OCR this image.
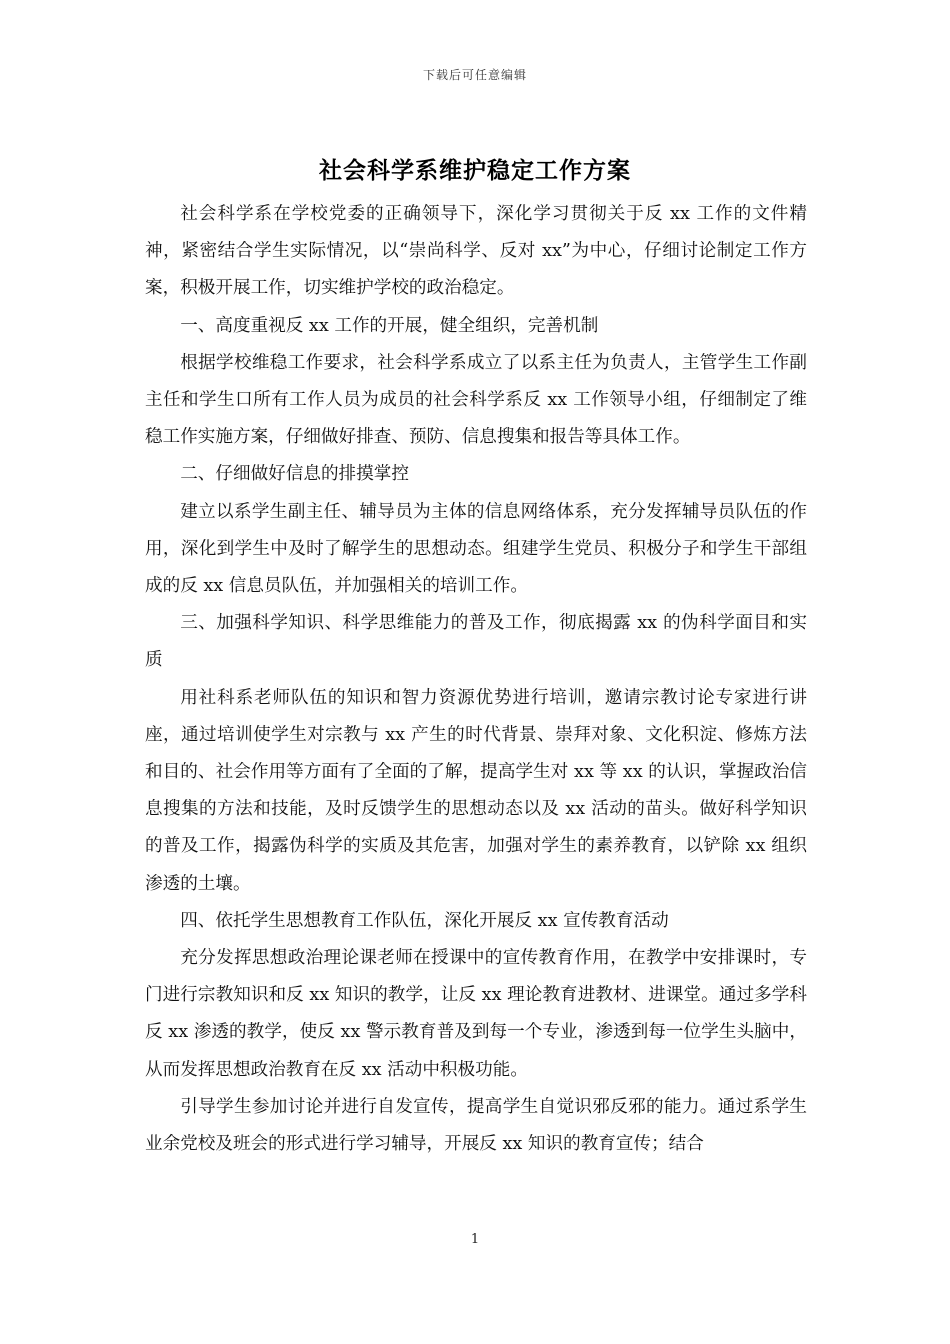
下载后可任意编辑
社会科学系维护稳定工作方案

社会科学系在学校党委的正确领导下，深化学习贯彻关于反 xx 工作的文件精神，紧密结合学生实际情况，以“崇尚科学、反对 xx”为中心，仔细讨论制定工作方案，积极开展工作，切实维护学校的政治稳定。

一、高度重视反 xx 工作的开展，健全组织，完善机制

根据学校维稳工作要求，社会科学系成立了以系主任为负责人，主管学生工作副主任和学生口所有工作人员为成员的社会科学系反 xx 工作领导小组，仔细制定了维稳工作实施方案，仔细做好排查、预防、信息搜集和报告等具体工作。

二、仔细做好信息的排摸掌控

建立以系学生副主任、辅导员为主体的信息网络体系，充分发挥辅导员队伍的作用，深化到学生中及时了解学生的思想动态。组建学生党员、积极分子和学生干部组成的反 xx 信息员队伍，并加强相关的培训工作。

三、加强科学知识、科学思维能力的普及工作，彻底揭露 xx 的伪科学面目和实质

用社科系老师队伍的知识和智力资源优势进行培训，邀请宗教讨论专家进行讲座，通过培训使学生对宗教与 xx 产生的时代背景、崇拜对象、文化积淀、修炼方法和目的、社会作用等方面有了全面的了解，提高学生对 xx 等 xx 的认识，掌握政治信息搜集的方法和技能，及时反馈学生的思想动态以及 xx 活动的苗头。做好科学知识的普及工作，揭露伪科学的实质及其危害，加强对学生的素养教育，以铲除 xx 组织渗透的土壤。

四、依托学生思想教育工作队伍，深化开展反 xx 宣传教育活动

充分发挥思想政治理论课老师在授课中的宣传教育作用，在教学中安排课时，专门进行宗教知识和反 xx 知识的教学，让反 xx 理论教育进教材、进课堂。通过多学科反 xx 渗透的教学，使反 xx 警示教育普及到每一个专业，渗透到每一位学生头脑中，从而发挥思想政治教育在反 xx 活动中积极功能。

引导学生参加讨论并进行自发宣传，提高学生自觉识邪反邪的能力。通过系学生业余党校及班会的形式进行学习辅导，开展反 xx 知识的教育宣传；结合

1
